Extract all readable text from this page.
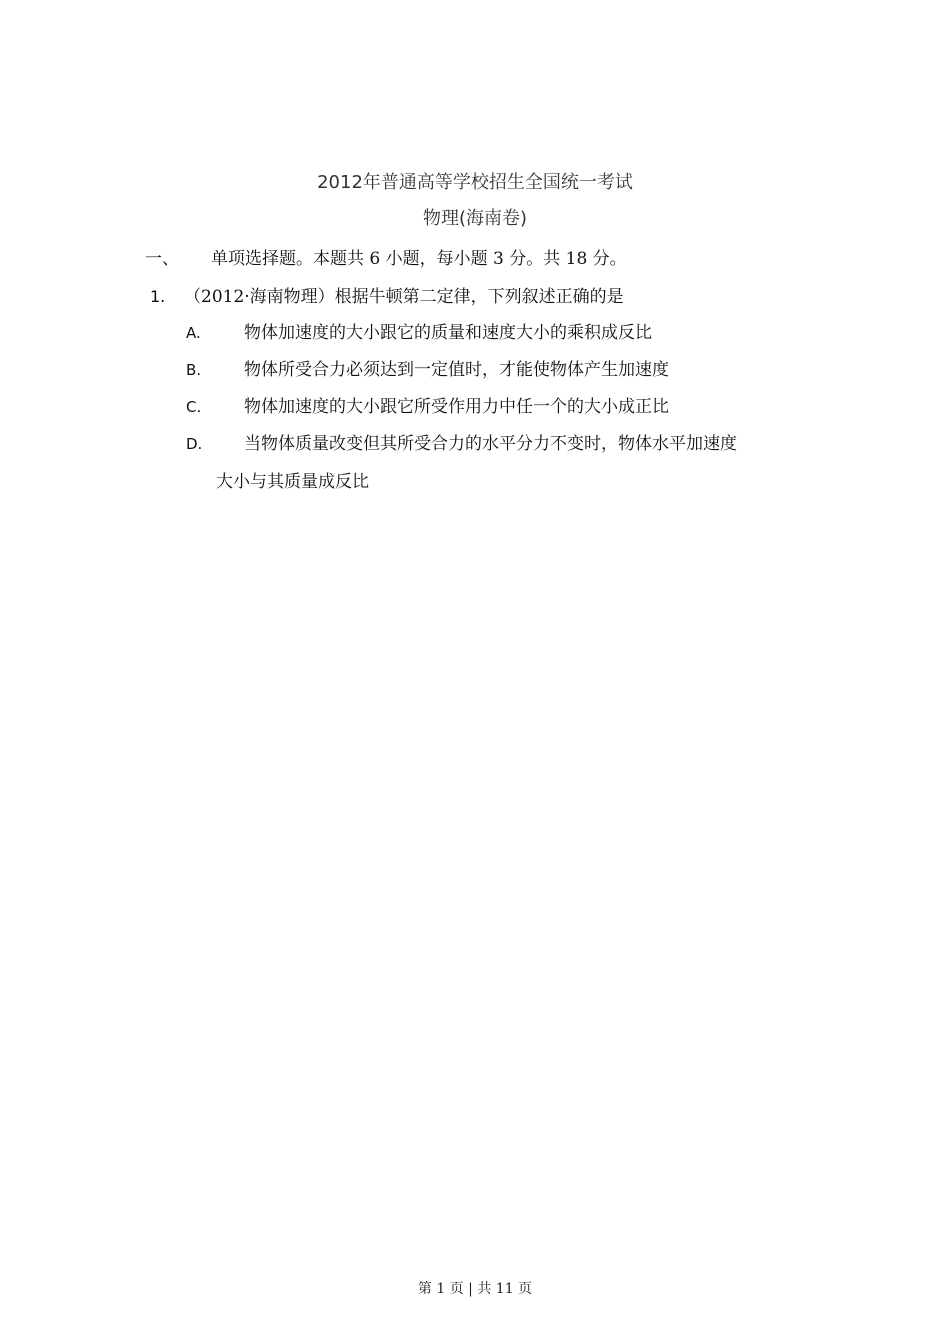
2012年普通高等学校招生全国统一考试
物理(海南卷)
一、 单项选择题。本题共 6 小题，每小题 3 分。共 18 分。
1. （2012·海南物理）根据牛顿第二定律，下列叙述正确的是
A.	物体加速度的大小跟它的质量和速度大小的乘积成反比
B.	物体所受合力必须达到一定值时，才能使物体产生加速度
C.	物体加速度的大小跟它所受作用力中任一个的大小成正比
D. 当物体质量改变但其所受合力的水平分力不变时，物体水平加速度
大小与其质量成反比
第 1 页 | 共 11 页
